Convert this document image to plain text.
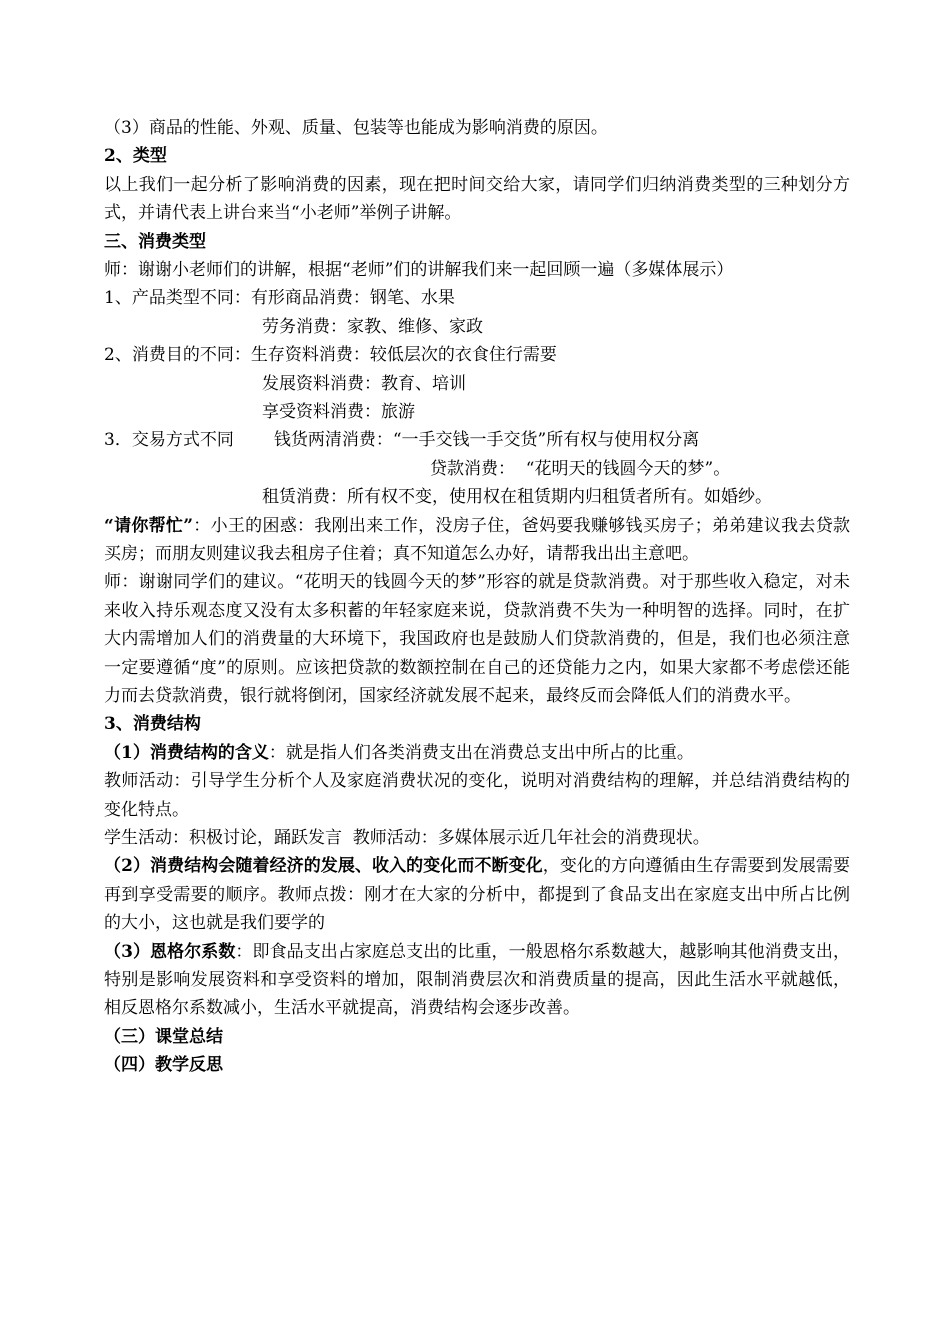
（3）商品的性能、外观、质量、包装等也能成为影响消费的原因。
2、类型
以上我们一起分析了影响消费的因素，现在把时间交给大家，请同学们归纳消费类型的三种划分方式，并请代表上讲台来当“小老师”举例子讲解。
三、消费类型
师：谢谢小老师们的讲解，根据“老师”们的讲解我们来一起回顾一遍（多媒体展示）
1、产品类型不同：有形商品消费：钢笔、水果
劳务消费：家教、维修、家政
2、消费目的不同：生存资料消费：较低层次的衣食住行需要
发展资料消费：教育、培训
享受资料消费：旅游
3．交易方式不同 钱货两清消费：“一手交钱一手交货”所有权与使用权分离
贷款消费：  “花明天的钱圆今天的梦”。
租赁消费：所有权不变，使用权在租赁期内归租赁者所有。如婚纱。
“请你帮忙”：小王的困惑：我刚出来工作，没房子住，爸妈要我赚够钱买房子；弟弟建议我去贷款买房；而朋友则建议我去租房子住着；真不知道怎么办好，请帮我出出主意吧。
师：谢谢同学们的建议。“花明天的钱圆今天的梦”形容的就是贷款消费。对于那些收入稳定，对未来收入持乐观态度又没有太多积蓄的年轻家庭来说，贷款消费不失为一种明智的选择。同时，在扩大内需增加人们的消费量的大环境下，我国政府也是鼓励人们贷款消费的，但是，我们也必须注意一定要遵循“度”的原则。应该把贷款的数额控制在自己的还贷能力之内，如果大家都不考虑偿还能力而去贷款消费，银行就将倒闭，国家经济就发展不起来，最终反而会降低人们的消费水平。
3、消费结构
（1）消费结构的含义：就是指人们各类消费支出在消费总支出中所占的比重。
教师活动：引导学生分析个人及家庭消费状况的变化，说明对消费结构的理解，并总结消费结构的变化特点。
学生活动：积极讨论，踊跃发言  教师活动：多媒体展示近几年社会的消费现状。
（2）消费结构会随着经济的发展、收入的变化而不断变化，变化的方向遵循由生存需要到发展需要再到享受需要的顺序。教师点拨：刚才在大家的分析中，都提到了食品支出在家庭支出中所占比例的大小，这也就是我们要学的
（3）恩格尔系数：即食品支出占家庭总支出的比重，一般恩格尔系数越大，越影响其他消费支出，特别是影响发展资料和享受资料的增加，限制消费层次和消费质量的提高，因此生活水平就越低，相反恩格尔系数减小，生活水平就提高，消费结构会逐步改善。
（三）课堂总结
（四）教学反思
